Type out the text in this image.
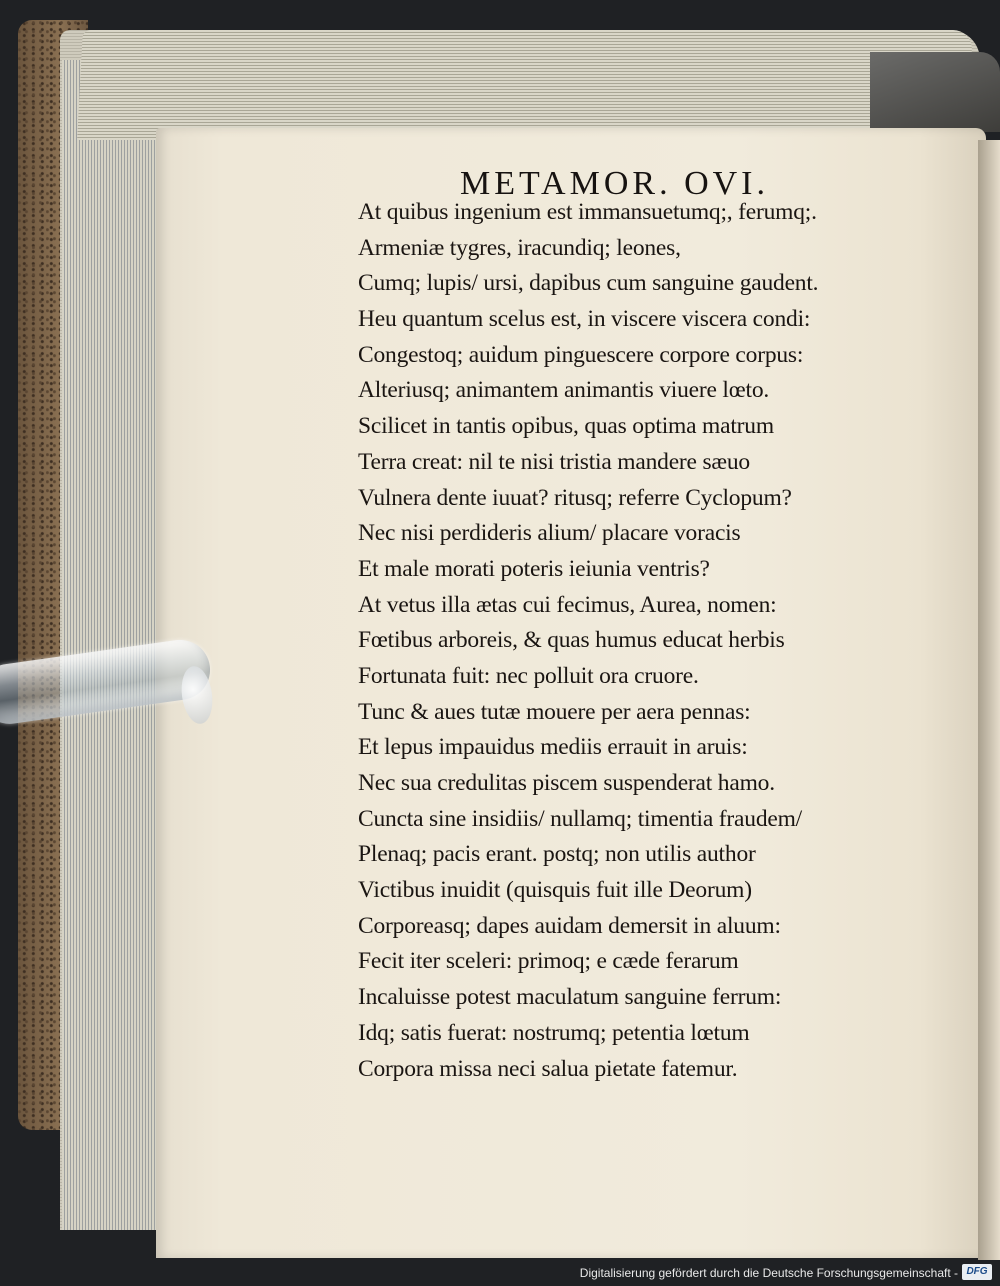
METAMOR. OVI.
At quibus ingenium est immansuetumq;, ferumq;.
Armeniæ tygres, iracundiq; leones,
Cumq; lupis/ ursi, dapibus cum sanguine gaudent.
Heu quantum scelus est, in viscere viscera condi:
Congestoq; auidum pinguescere corpore corpus:
Alteriusq; animantem animantis viuere lœto.
Scilicet in tantis opibus, quas optima matrum
Terra creat: nil te nisi tristia mandere sæuo
Vulnera dente iuuat? ritusq; referre Cyclopum?
Nec nisi perdideris alium/ placare voracis
Et male morati poteris ieiunia ventris?
At vetus illa ætas cui fecimus, Aurea, nomen:
Fœtibus arboreis, & quas humus educat herbis
Fortunata fuit: nec polluit ora cruore.
Tunc & aues tutæ mouere per aera pennas:
Et lepus impauidus mediis errauit in aruis:
Nec sua credulitas piscem suspenderat hamo.
Cuncta sine insidiis/ nullamq; timentia fraudem/
Plenaq; pacis erant. postq; non utilis author
Victibus inuidit (quisquis fuit ille Deorum)
Corporeasq; dapes auidam demersit in aluum:
Fecit iter sceleri: primoq; e cæde ferarum
Incaluisse potest maculatum sanguine ferrum:
Idq; satis fuerat: nostrumq; petentia lœtum
Corpora missa neci salua pietate fatemur.
Digitalisierung gefördert durch die Deutsche Forschungsgemeinschaft - DFG
